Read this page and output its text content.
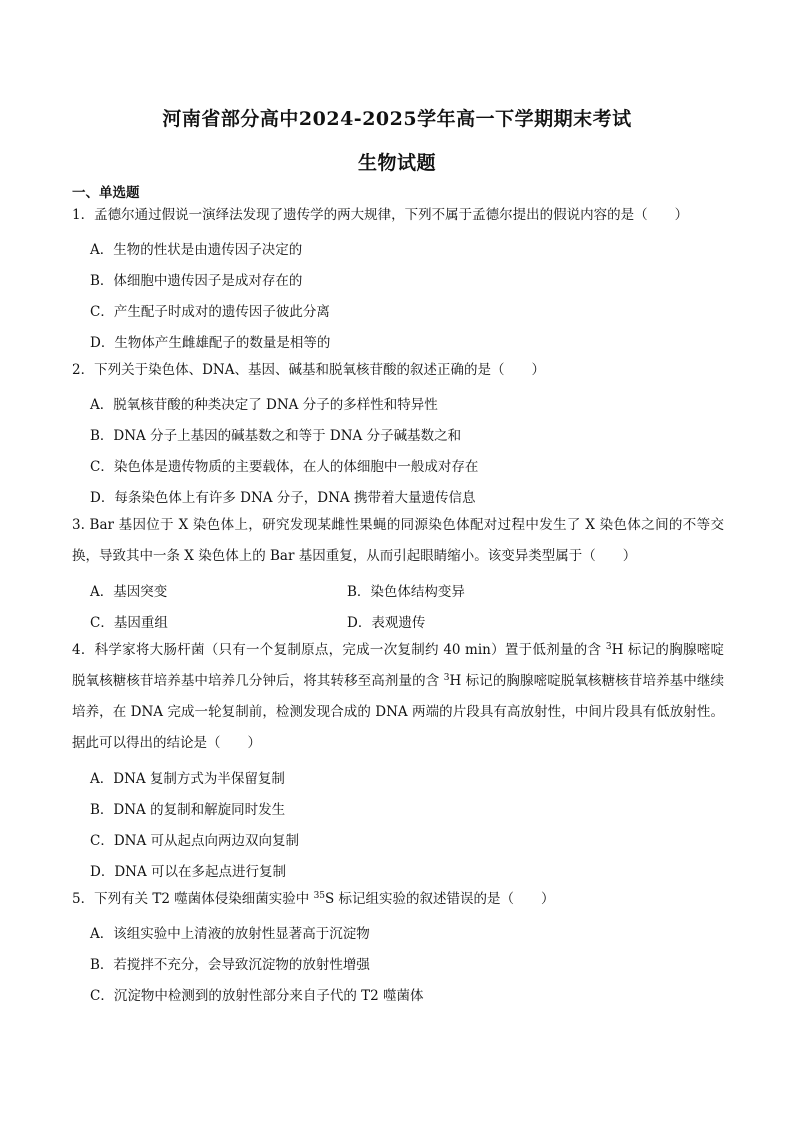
河南省部分高中2024-2025学年高一下学期期末考试
生物试题
一、单选题
1．孟德尔通过假说一演绎法发现了遗传学的两大规律，下列不属于孟德尔提出的假说内容的是（　　）
A．生物的性状是由遗传因子决定的
B．体细胞中遗传因子是成对存在的
C．产生配子时成对的遗传因子彼此分离
D．生物体产生雌雄配子的数量是相等的
2．下列关于染色体、DNA、基因、碱基和脱氧核苷酸的叙述正确的是（　　）
A．脱氧核苷酸的种类决定了 DNA 分子的多样性和特异性
B．DNA 分子上基因的碱基数之和等于 DNA 分子碱基数之和
C．染色体是遗传物质的主要载体，在人的体细胞中一般成对存在
D．每条染色体上有许多 DNA 分子，DNA 携带着大量遗传信息
3. Bar 基因位于 X 染色体上，研究发现某雌性果蝇的同源染色体配对过程中发生了 X 染色体之间的不等交换，导致其中一条 X 染色体上的 Bar 基因重复，从而引起眼睛缩小。该变异类型属于（　　）
A．基因突变	B．染色体结构变异
C．基因重组	D．表观遗传
4．科学家将大肠杆菌（只有一个复制原点，完成一次复制约 40 min）置于低剂量的含 $^3$H 标记的胸腺嘧啶脱氧核糖核苷培养基中培养几分钟后，将其转移至高剂量的含 $^3$H 标记的胸腺嘧啶脱氧核糖核苷培养基中继续培养，在 DNA 完成一轮复制前，检测发现合成的 DNA 两端的片段具有高放射性，中间片段具有低放射性。据此可以得出的结论是（　　）
A．DNA 复制方式为半保留复制
B．DNA 的复制和解旋同时发生
C．DNA 可从起点向两边双向复制
D．DNA 可以在多起点进行复制
5．下列有关 T2 噬菌体侵染细菌实验中 $^{35}$S 标记组实验的叙述错误的是（　　）
A．该组实验中上清液的放射性显著高于沉淀物
B．若搅拌不充分，会导致沉淀物的放射性增强
C．沉淀物中检测到的放射性部分来自子代的 T2 噬菌体
